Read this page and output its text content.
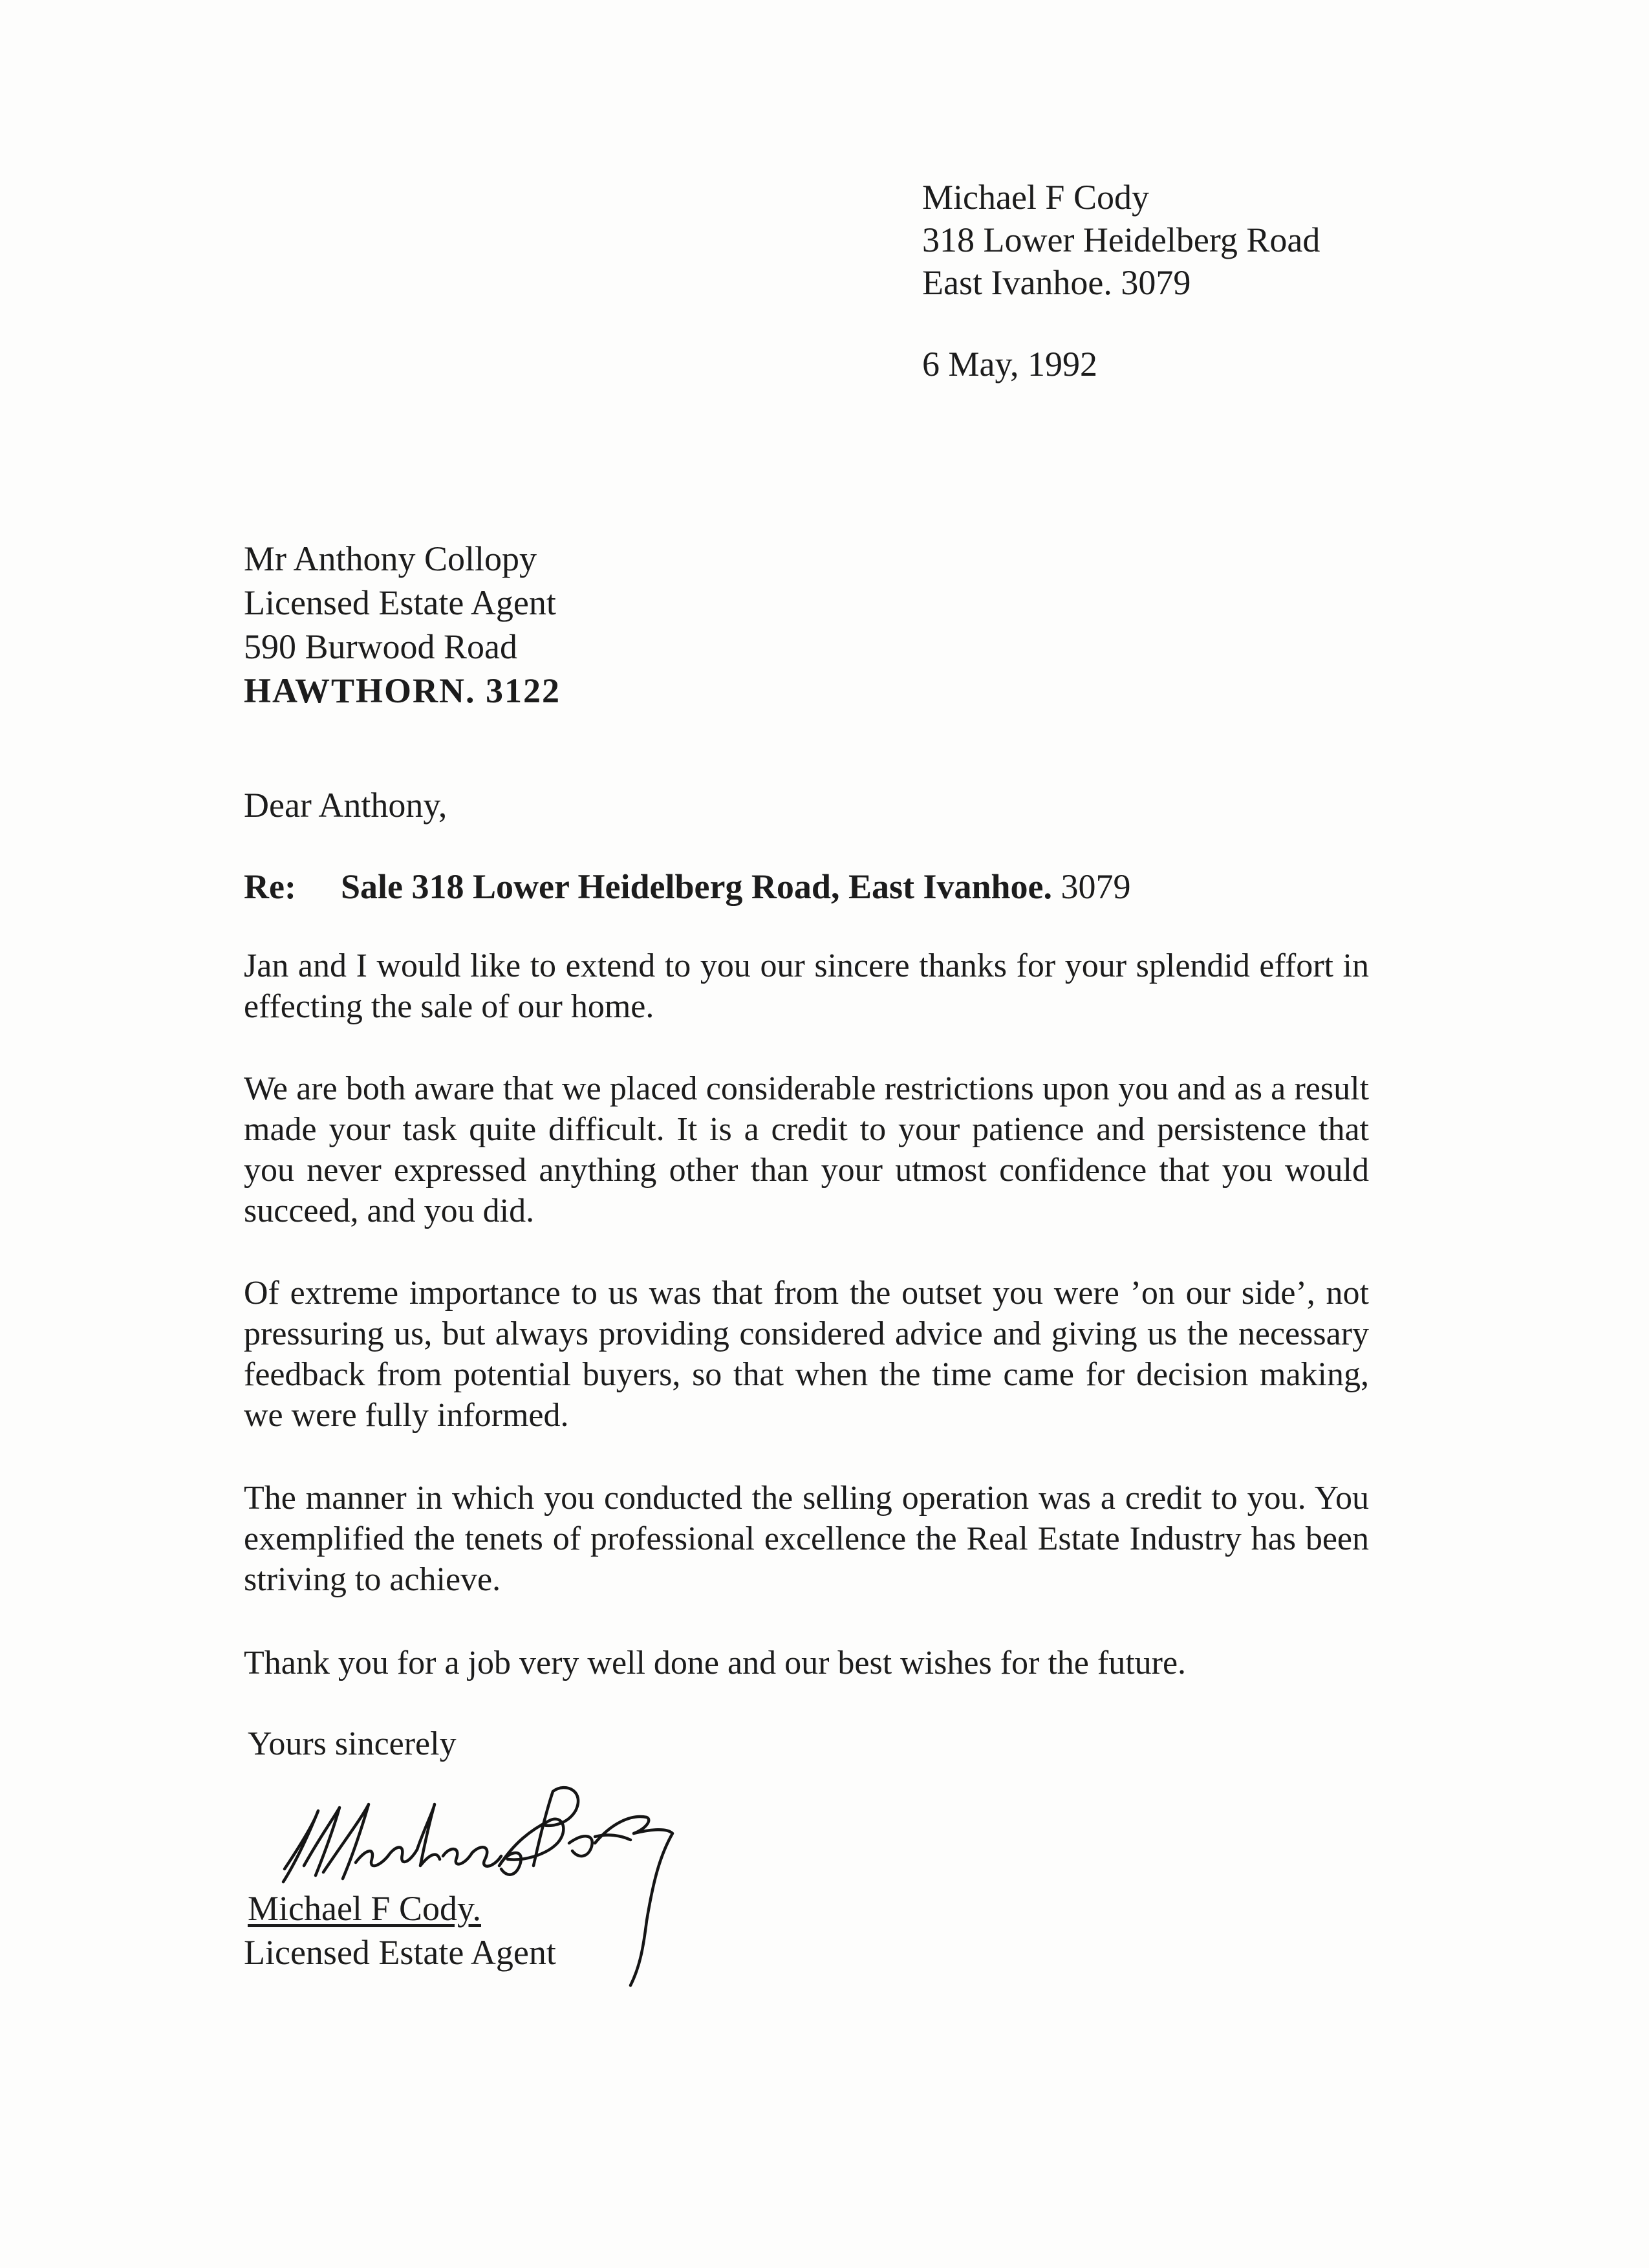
Michael F Cody
318 Lower Heidelberg Road
East Ivanhoe. 3079
6 May, 1992
Mr Anthony Collopy
Licensed Estate Agent
590 Burwood Road
HAWTHORN. 3122
Dear Anthony,
Re: Sale 318 Lower Heidelberg Road, East Ivanhoe. 3079

Jan and I would like to extend to you our sincere thanks for your splendid effort in effecting the sale of our home.

We are both aware that we placed considerable restrictions upon you and as a result made your task quite difficult. It is a credit to your patience and persistence that you never expressed anything other than your utmost confidence that you would succeed, and you did.

Of extreme importance to us was that from the outset you were ’on our side’, not pressuring us, but always providing considered advice and giving us the necessary feedback from potential buyers, so that when the time came for decision making, we were fully informed.

The manner in which you conducted the selling operation was a credit to you. You exemplified the tenets of professional excellence the Real Estate Industry has been striving to achieve.

Thank you for a job very well done and our best wishes for the future.

Yours sincerely
Michael F Cody.
Licensed Estate Agent
